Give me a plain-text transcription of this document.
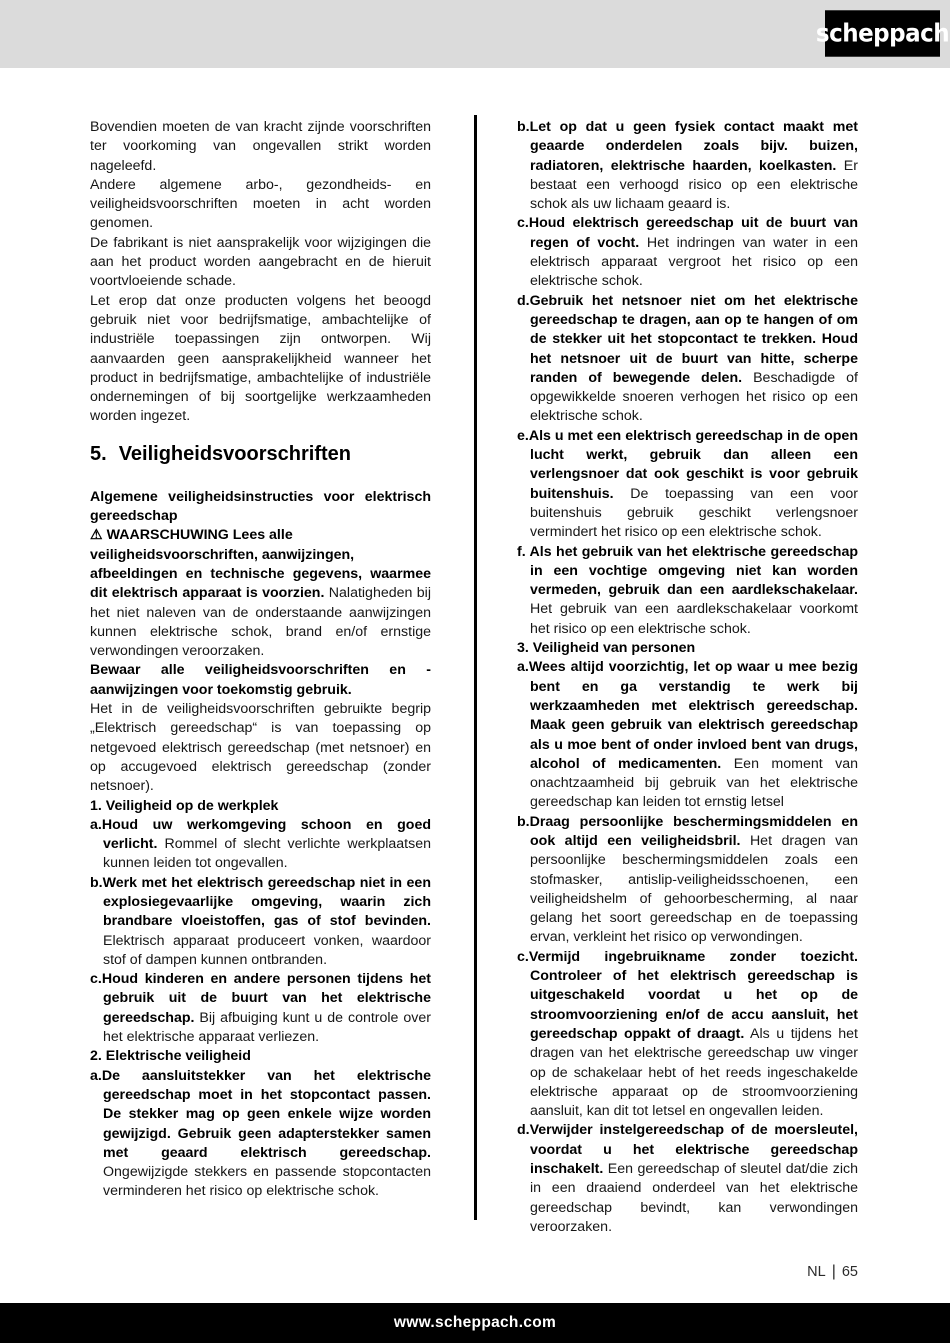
scheppach

Bovendien moeten de van kracht zijnde voorschriften ter voorkoming van ongevallen strikt worden nageleefd.

Andere algemene arbo-, gezondheids- en veiligheidsvoorschriften moeten in acht worden genomen.

De fabrikant is niet aansprakelijk voor wijzigingen die aan het product worden aangebracht en de hieruit voortvloeiende schade.

Let erop dat onze producten volgens het beoogd gebruik niet voor bedrijfsmatige, ambachtelijke of industriële toepassingen zijn ontworpen. Wij aanvaarden geen aansprakelijkheid wanneer het product in bedrijfsmatige, ambachtelijke of industriële ondernemingen of bij soortgelijke werkzaamheden worden ingezet.

5. Veiligheidsvoorschriften

Algemene veiligheidsinstructies voor elektrisch gereedschap

⚠ WAARSCHUWING Lees alle
veiligheidsvoorschriften, aanwijzingen,
afbeeldingen en technische gegevens, waarmee dit elektrisch apparaat is voorzien. Nalatigheden bij het niet naleven van de onderstaande aanwijzingen kunnen elektrische schok, brand en/of ernstige verwondingen veroorzaken.

Bewaar alle veiligheidsvoorschriften en -aanwijzingen voor toekomstig gebruik.

Het in de veiligheidsvoorschriften gebruikte begrip „Elektrisch gereedschap“ is van toepassing op netgevoed elektrisch gereedschap (met netsnoer) en op accugevoed elektrisch gereedschap (zonder netsnoer).

1. Veiligheid op de werkplek

a.Houd uw werkomgeving schoon en goed verlicht. Rommel of slecht verlichte werkplaatsen kunnen leiden tot ongevallen.

b.Werk met het elektrisch gereedschap niet in een explosiegevaarlijke omgeving, waarin zich brandbare vloeistoffen, gas of stof bevinden. Elektrisch apparaat produceert vonken, waardoor stof of dampen kunnen ontbranden.

c.Houd kinderen en andere personen tijdens het gebruik uit de buurt van het elektrische gereedschap. Bij afbuiging kunt u de controle over het elektrische apparaat verliezen.

2. Elektrische veiligheid

a.De aansluitstekker van het elektrische gereedschap moet in het stopcontact passen. De stekker mag op geen enkele wijze worden gewijzigd. Gebruik geen adapterstekker samen met geaard elektrisch gereedschap. Ongewijzigde stekkers en passende stopcontacten verminderen het risico op elektrische schok.

b.Let op dat u geen fysiek contact maakt met geaarde onderdelen zoals bijv. buizen, radiatoren, elektrische haarden, koelkasten. Er bestaat een verhoogd risico op een elektrische schok als uw lichaam geaard is.

c.Houd elektrisch gereedschap uit de buurt van regen of vocht. Het indringen van water in een elektrisch apparaat vergroot het risico op een elektrische schok.

d.Gebruik het netsnoer niet om het elektrische gereedschap te dragen, aan op te hangen of om de stekker uit het stopcontact te trekken. Houd het netsnoer uit de buurt van hitte, scherpe randen of bewegende delen. Beschadigde of opgewikkelde snoeren verhogen het risico op een elektrische schok.

e.Als u met een elektrisch gereedschap in de open lucht werkt, gebruik dan alleen een verlengsnoer dat ook geschikt is voor gebruik buitenshuis. De toepassing van een voor buitenshuis gebruik geschikt verlengsnoer vermindert het risico op een elektrische schok.

f. Als het gebruik van het elektrische gereedschap in een vochtige omgeving niet kan worden vermeden, gebruik dan een aardlekschakelaar. Het gebruik van een aardlekschakelaar voorkomt het risico op een elektrische schok.

3. Veiligheid van personen

a.Wees altijd voorzichtig, let op waar u mee bezig bent en ga verstandig te werk bij werkzaamheden met elektrisch gereedschap. Maak geen gebruik van elektrisch gereedschap als u moe bent of onder invloed bent van drugs, alcohol of medicamenten. Een moment van onachtzaamheid bij gebruik van het elektrische gereedschap kan leiden tot ernstig letsel

b.Draag persoonlijke beschermingsmiddelen en ook altijd een veiligheidsbril. Het dragen van persoonlijke beschermingsmiddelen zoals een stofmasker, antislip-veiligheidsschoenen, een veiligheidshelm of gehoorbescherming, al naar gelang het soort gereedschap en de toepassing ervan, verkleint het risico op verwondingen.

c.Vermijd ingebruikname zonder toezicht. Controleer of het elektrisch gereedschap is uitgeschakeld voordat u het op de stroomvoorziening en/of de accu aansluit, het gereedschap oppakt of draagt. Als u tijdens het dragen van het elektrische gereedschap uw vinger op de schakelaar hebt of het reeds ingeschakelde elektrische apparaat op de stroomvoorziening aansluit, kan dit tot letsel en ongevallen leiden.

d.Verwijder instelgereedschap of de moersleutel, voordat u het elektrische gereedschap inschakelt. Een gereedschap of sleutel dat/die zich in een draaiend onderdeel van het elektrische gereedschap bevindt, kan verwondingen veroorzaken.

NL | 65
www.scheppach.com
